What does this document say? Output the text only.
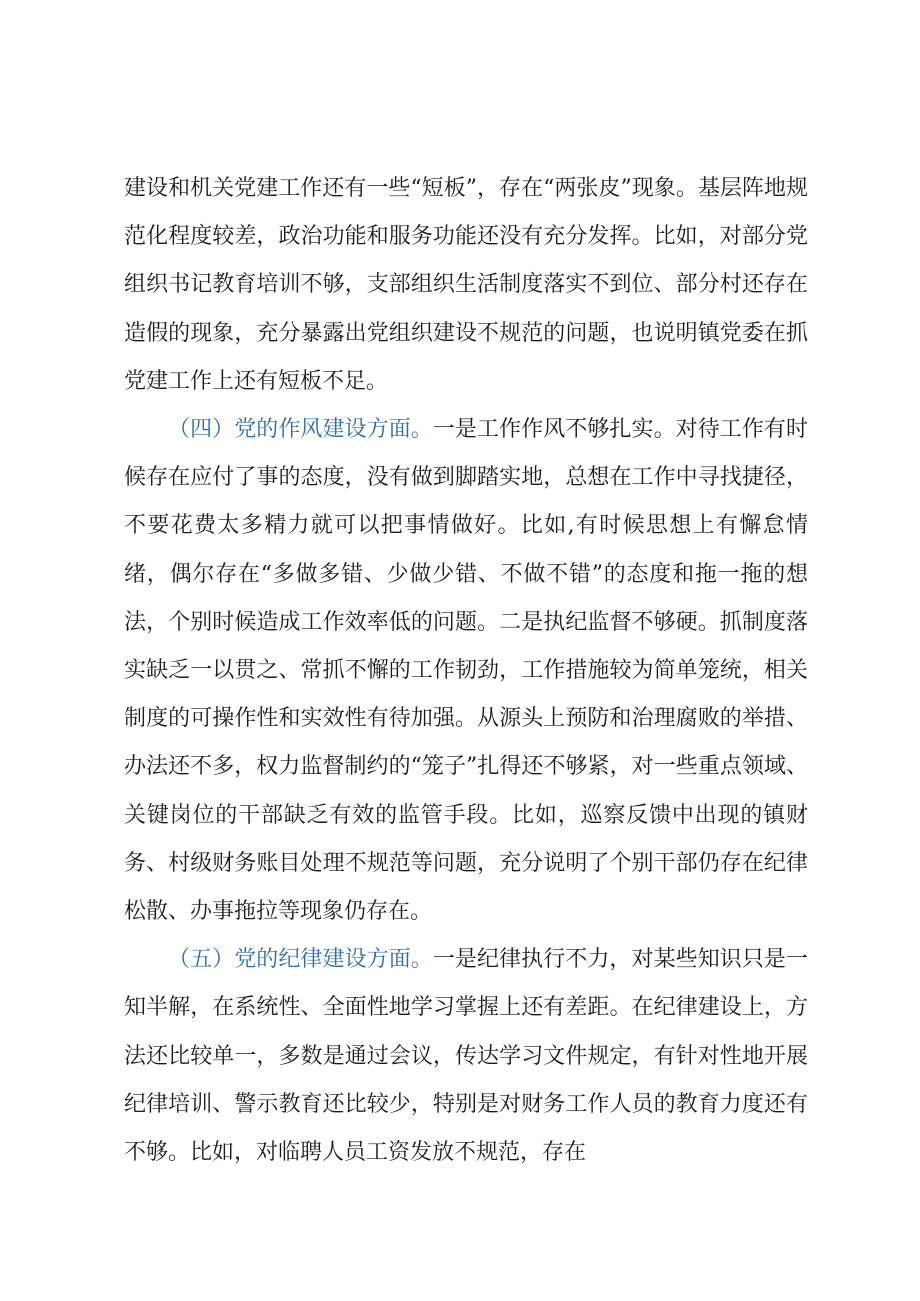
建设和机关党建工作还有一些“短板”，存在“两张皮”现象。基层阵地规范化程度较差，政治功能和服务功能还没有充分发挥。比如，对部分党组织书记教育培训不够，支部组织生活制度落实不到位、部分村还存在造假的现象，充分暴露出党组织建设不规范的问题，也说明镇党委在抓党建工作上还有短板不足。

（四）党的作风建设方面。一是工作作风不够扎实。对待工作有时候存在应付了事的态度，没有做到脚踏实地，总想在工作中寻找捷径，不要花费太多精力就可以把事情做好。比如,有时候思想上有懈怠情绪，偶尔存在“多做多错、少做少错、不做不错”的态度和拖一拖的想法，个别时候造成工作效率低的问题。二是执纪监督不够硬。抓制度落实缺乏一以贯之、常抓不懈的工作韧劲，工作措施较为简单笼统，相关制度的可操作性和实效性有待加强。从源头上预防和治理腐败的举措、办法还不多，权力监督制约的“笼子”扎得还不够紧，对一些重点领域、关键岗位的干部缺乏有效的监管手段。比如，巡察反馈中出现的镇财务、村级财务账目处理不规范等问题，充分说明了个别干部仍存在纪律松散、办事拖拉等现象仍存在。

（五）党的纪律建设方面。一是纪律执行不力，对某些知识只是一知半解，在系统性、全面性地学习掌握上还有差距。在纪律建设上，方法还比较单一，多数是通过会议，传达学习文件规定，有针对性地开展纪律培训、警示教育还比较少，特别是对财务工作人员的教育力度还有不够。比如，对临聘人员工资发放不规范，存在
